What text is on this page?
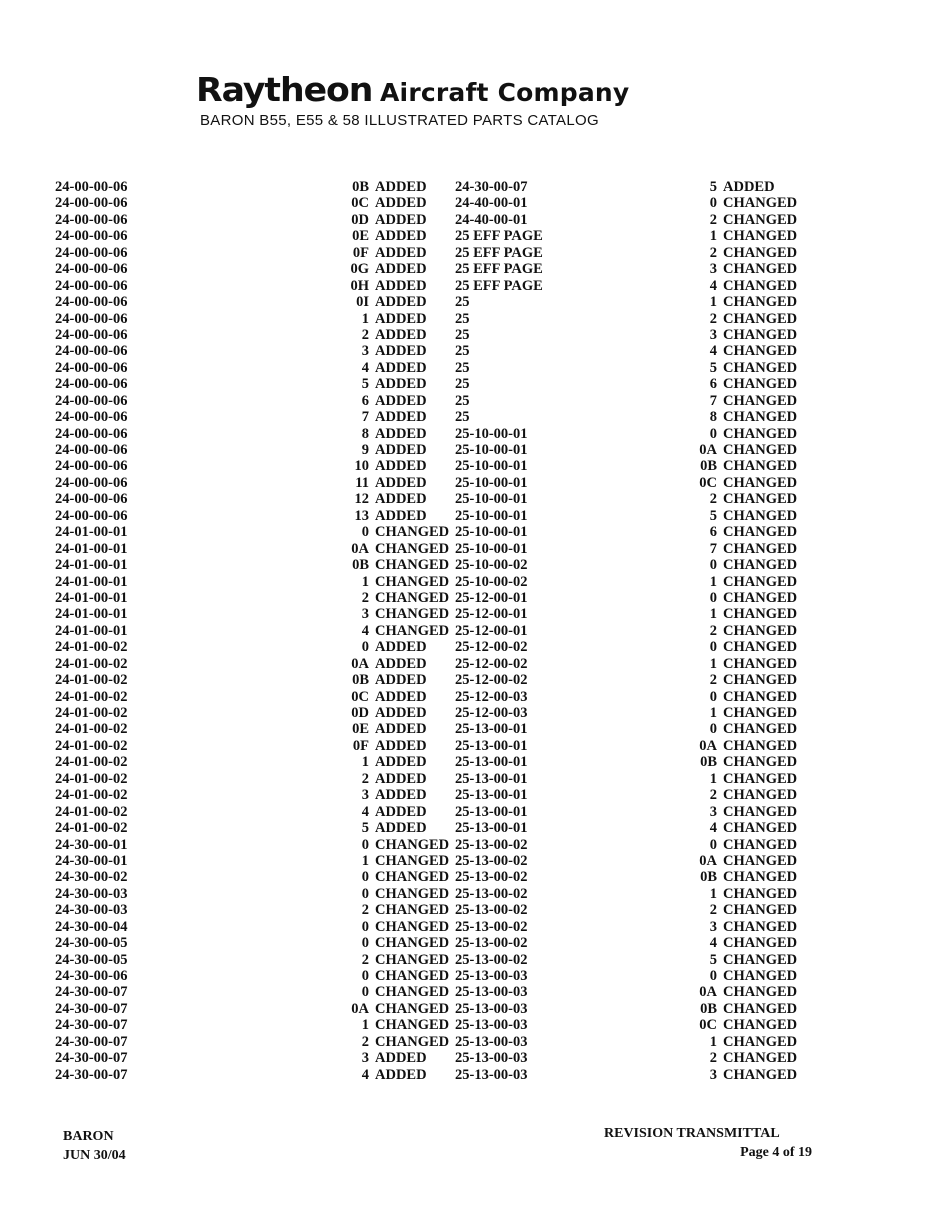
Raytheon Aircraft Company
BARON B55, E55 & 58 ILLUSTRATED PARTS CATALOG
24-00-00-06	0B ADDED
24-00-00-06	0C ADDED
24-00-00-06	0D ADDED
24-00-00-06	0E ADDED
24-00-00-06	0F ADDED
24-00-00-06	0G ADDED
24-00-00-06	0H ADDED
24-00-00-06	0I ADDED
24-00-00-06	1 ADDED
24-00-00-06	2 ADDED
24-00-00-06	3 ADDED
24-00-00-06	4 ADDED
24-00-00-06	5 ADDED
24-00-00-06	6 ADDED
24-00-00-06	7 ADDED
24-00-00-06	8 ADDED
24-00-00-06	9 ADDED
24-00-00-06	10 ADDED
24-00-00-06	11 ADDED
24-00-00-06	12 ADDED
24-00-00-06	13 ADDED
24-01-00-01	0 CHANGED
24-01-00-01	0A CHANGED
24-01-00-01	0B CHANGED
24-01-00-01	1 CHANGED
24-01-00-01	2 CHANGED
24-01-00-01	3 CHANGED
24-01-00-01	4 CHANGED
24-01-00-02	0 ADDED
24-01-00-02	0A ADDED
24-01-00-02	0B ADDED
24-01-00-02	0C ADDED
24-01-00-02	0D ADDED
24-01-00-02	0E ADDED
24-01-00-02	0F ADDED
24-01-00-02	1 ADDED
24-01-00-02	2 ADDED
24-01-00-02	3 ADDED
24-01-00-02	4 ADDED
24-01-00-02	5 ADDED
24-30-00-01	0 CHANGED
24-30-00-01	1 CHANGED
24-30-00-02	0 CHANGED
24-30-00-03	0 CHANGED
24-30-00-03	2 CHANGED
24-30-00-04	0 CHANGED
24-30-00-05	0 CHANGED
24-30-00-05	2 CHANGED
24-30-00-06	0 CHANGED
24-30-00-07	0 CHANGED
24-30-00-07	0A CHANGED
24-30-00-07	1 CHANGED
24-30-00-07	2 CHANGED
24-30-00-07	3 ADDED
24-30-00-07	4 ADDED
24-30-00-07	5 ADDED
24-40-00-01	0 CHANGED
24-40-00-01	2 CHANGED
25 EFF PAGE	1 CHANGED
25 EFF PAGE	2 CHANGED
25 EFF PAGE	3 CHANGED
25 EFF PAGE	4 CHANGED
25	1 CHANGED
25	2 CHANGED
25	3 CHANGED
25	4 CHANGED
25	5 CHANGED
25	6 CHANGED
25	7 CHANGED
25	8 CHANGED
25-10-00-01	0 CHANGED
25-10-00-01	0A CHANGED
25-10-00-01	0B CHANGED
25-10-00-01	0C CHANGED
25-10-00-01	2 CHANGED
25-10-00-01	5 CHANGED
25-10-00-01	6 CHANGED
25-10-00-01	7 CHANGED
25-10-00-02	0 CHANGED
25-10-00-02	1 CHANGED
25-12-00-01	0 CHANGED
25-12-00-01	1 CHANGED
25-12-00-01	2 CHANGED
25-12-00-02	0 CHANGED
25-12-00-02	1 CHANGED
25-12-00-02	2 CHANGED
25-12-00-03	0 CHANGED
25-12-00-03	1 CHANGED
25-13-00-01	0 CHANGED
25-13-00-01	0A CHANGED
25-13-00-01	0B CHANGED
25-13-00-01	1 CHANGED
25-13-00-01	2 CHANGED
25-13-00-01	3 CHANGED
25-13-00-01	4 CHANGED
25-13-00-02	0 CHANGED
25-13-00-02	0A CHANGED
25-13-00-02	0B CHANGED
25-13-00-02	1 CHANGED
25-13-00-02	2 CHANGED
25-13-00-02	3 CHANGED
25-13-00-02	4 CHANGED
25-13-00-02	5 CHANGED
25-13-00-03	0 CHANGED
25-13-00-03	0A CHANGED
25-13-00-03	0B CHANGED
25-13-00-03	0C CHANGED
25-13-00-03	1 CHANGED
25-13-00-03	2 CHANGED
25-13-00-03	3 CHANGED
BARON
JUN 30/04
REVISION TRANSMITTAL
Page 4 of 19
